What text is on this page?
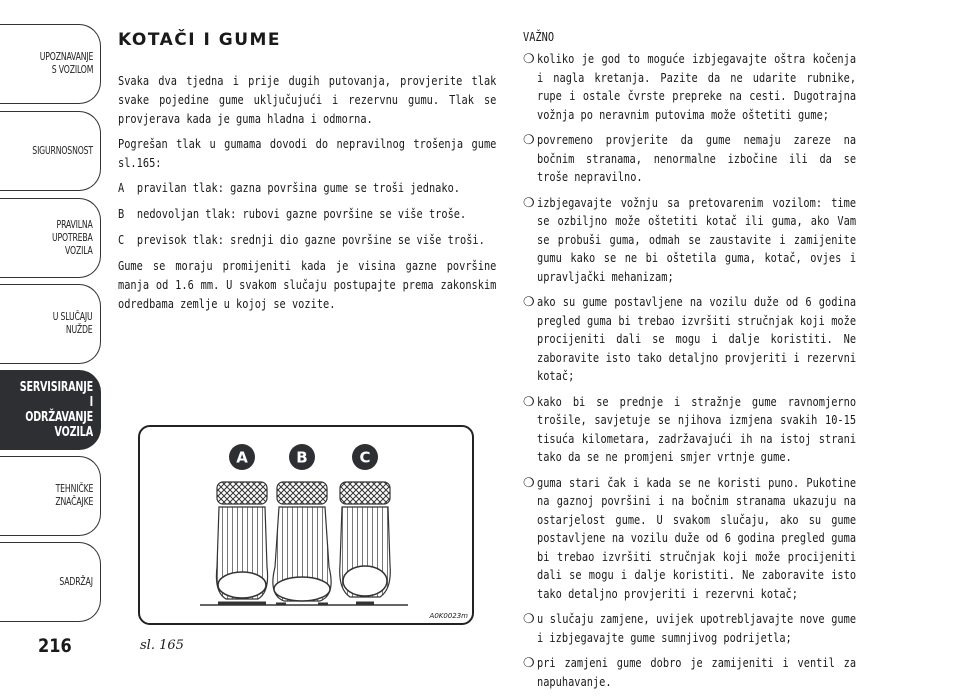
UPOZNAVANJE
S VOZILOM
SIGURNOSNOST
PRAVILNA
UPOTREBA
VOZILA
U SLUČAJU
NUŽDE
SERVISIRANJE I
ODRŽAVANJE
VOZILA
TEHNIČKE
ZNAČAJKE
SADRŽAJ
216
KOTAČI I GUME

Svaka dva tjedna i prije dugih putovanja, provjerite tlak svake pojedine gume uključujući i rezervnu gumu. Tlak se provjerava kada je guma hladna i odmorna.

Pogrešan tlak u gumama dovodi do nepravilnog trošenja gume sl.165:

A	pravilan tlak: gazna površina gume se troši jednako.
B	nedovoljan tlak: rubovi gazne površine se više troše.
C	previsok tlak: srednji dio gazne površine se više troši.

Gume se moraju promijeniti kada je visina gazne površine manja od 1.6 mm. U svakom slučaju postupajte prema zakonskim odredbama zemlje u kojoj se vozite.

A	B	C
A0K0023m
sl. 165
VAŽNO
❍ koliko je god to moguće izbjegavajte oštra kočenja i nagla kretanja. Pazite da ne udarite rubnike, rupe i ostale čvrste prepreke na cesti. Dugotrajna vožnja po neravnim putovima može oštetiti gume;
❍ povremeno provjerite da gume nemaju zareze na bočnim stranama, nenormalne izbočine ili da se troše nepravilno.
❍ izbjegavajte vožnju sa pretovarenim vozilom: time se ozbiljno može oštetiti kotač ili guma, ako Vam se probuši guma, odmah se zaustavite i zamijenite gumu kako se ne bi oštetila guma, kotač, ovjes i upravljački mehanizam;
❍ ako su gume postavljene na vozilu duže od 6 godina pregled guma bi trebao izvršiti stručnjak koji može procijeniti dali se mogu i dalje koristiti. Ne zaboravite isto tako detaljno provjeriti i rezervni kotač;
❍ kako bi se prednje i stražnje gume ravnomjerno trošile, savjetuje se njihova izmjena svakih 10-15 tisuća kilometara, zadržavajući ih na istoj strani tako da se ne promjeni smjer vrtnje gume.
❍ guma stari čak i kada se ne koristi puno. Pukotine na gaznoj površini i na bočnim stranama ukazuju na ostarjelost gume. U svakom slučaju, ako su gume postavljene na vozilu duže od 6 godina pregled guma bi trebao izvršiti stručnjak koji može procijeniti dali se mogu i dalje koristiti. Ne zaboravite isto tako detaljno provjeriti i rezervni kotač;
❍ u slučaju zamjene, uvijek upotrebljavajte nove gume i izbjegavajte gume sumnjivog podrijetla;
❍ pri zamjeni gume dobro je zamijeniti i ventil za napuhavanje.
